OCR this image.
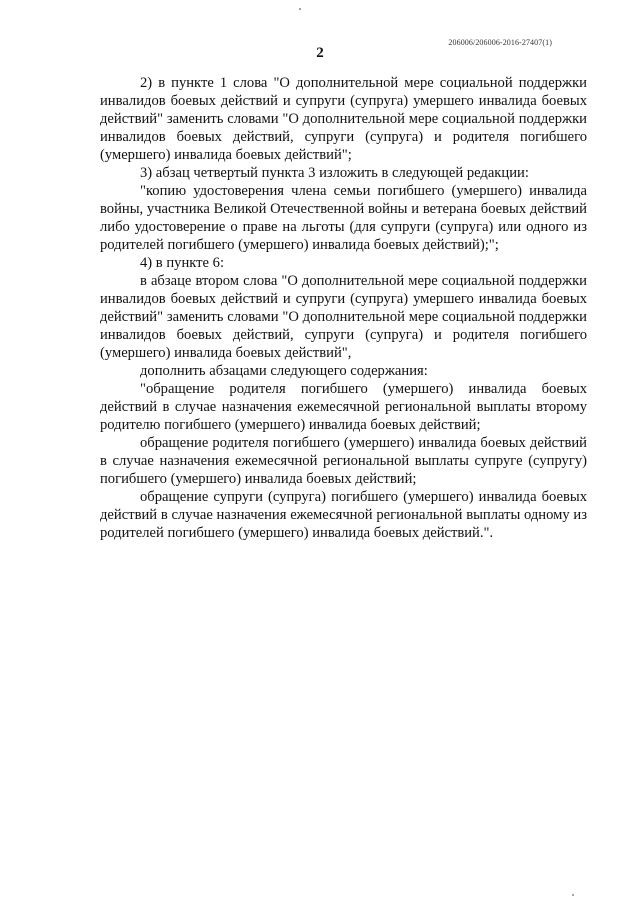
206006/206006-2016-27407(1)
2

2) в пункте 1 слова "О дополнительной мере социальной поддержки инвалидов боевых действий и супруги (супруга) умершего инвалида боевых действий" заменить словами "О дополнительной мере социальной поддержки инвалидов боевых действий, супруги (супруга) и родителя погибшего (умершего) инвалида боевых действий";

3) абзац четвертый пункта 3 изложить в следующей редакции:

"копию удостоверения члена семьи погибшего (умершего) инвалида войны, участника Великой Отечественной войны и ветерана боевых действий либо удостоверение о праве на льготы (для супруги (супруга) или одного из родителей погибшего (умершего) инвалида боевых действий);";

4) в пункте 6:

в абзаце втором слова "О дополнительной мере социальной поддержки инвалидов боевых действий и супруги (супруга) умершего инвалида боевых действий" заменить словами "О дополнительной мере социальной поддержки инвалидов боевых действий, супруги (супруга) и родителя погибшего (умершего) инвалида боевых действий",

дополнить абзацами следующего содержания:

"обращение родителя погибшего (умершего) инвалида боевых действий в случае назначения ежемесячной региональной выплаты второму родителю погибшего (умершего) инвалида боевых действий;

обращение родителя погибшего (умершего) инвалида боевых действий в случае назначения ежемесячной региональной выплаты супруге (супругу) погибшего (умершего) инвалида боевых действий;

обращение супруги (супруга) погибшего (умершего) инвалида боевых действий в случае назначения ежемесячной региональной выплаты одному из родителей погибшего (умершего) инвалида боевых действий.".
